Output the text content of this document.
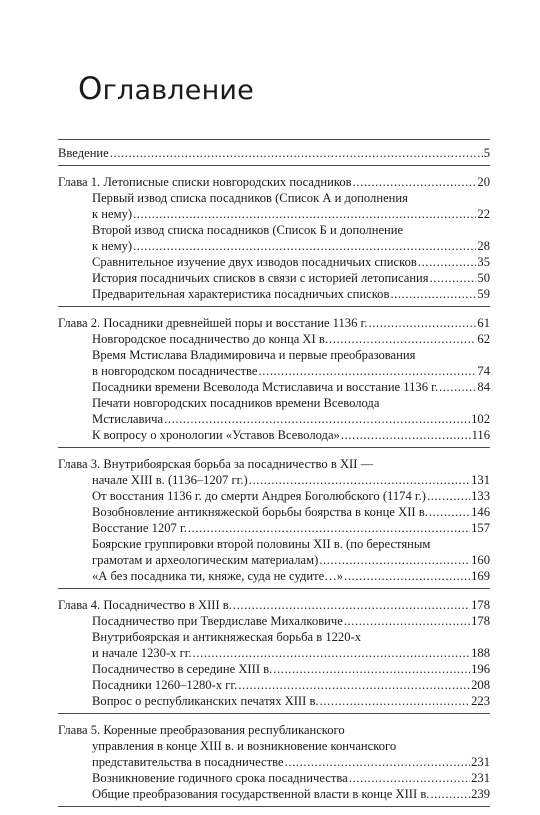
Оглавление
Введение .....	5
Глава 1. Летописные списки новгородских посадников .....	20
Первый извод списка посадников (Список А и дополнения
к нему) .....	22
Второй извод списка посадников (Список Б и дополнение
к нему) .....	28
Сравнительное изучение двух изводов посадничьих списков .....	35
История посадничьих списков в связи с историей летописания .....	50
Предварительная характеристика посадничьих списков .....	59
Глава 2. Посадники древнейшей поры и восстание 1136 г. .....	61
Новгородское посадничество до конца XI в. .....	62
Время Мстислава Владимировича и первые преобразования
в новгородском посадничестве .....	74
Посадники времени Всеволода Мстиславича и восстание 1136 г. .....	84
Печати новгородских посадников времени Всеволода
Мстиславича .....	102
К вопросу о хронологии «Уставов Всеволода» .....	116
Глава 3. Внутрибоярская борьба за посадничество в XII —
начале XIII в. (1136–1207 гг.) .....	131
От восстания 1136 г. до смерти Андрея Боголюбского (1174 г.) .....	133
Возобновление антикняжеской борьбы боярства в конце XII в. .....	146
Восстание 1207 г. .....	157
Боярские группировки второй половины XII в. (по берестяным
грамотам и археологическим материалам) .....	160
«А без посадника ти, княже, суда не судите…» .....	169
Глава 4. Посадничество в XIII в. .....	178
Посадничество при Твердиславе Михалковиче .....	178
Внутрибоярская и антикняжеская борьба в 1220-х
и начале 1230-х гг. .....	188
Посадничество в середине XIII в. .....	196
Посадники 1260–1280-х гг. .....	208
Вопрос о республиканских печатях XIII в. .....	223
Глава 5. Коренные преобразования республиканского
управления в конце XIII в. и возникновение кончанского
представительства в посадничестве .....	231
Возникновение годичного срока посадничества .....	231
Общие преобразования государственной власти в конце XIII в. .....	239
